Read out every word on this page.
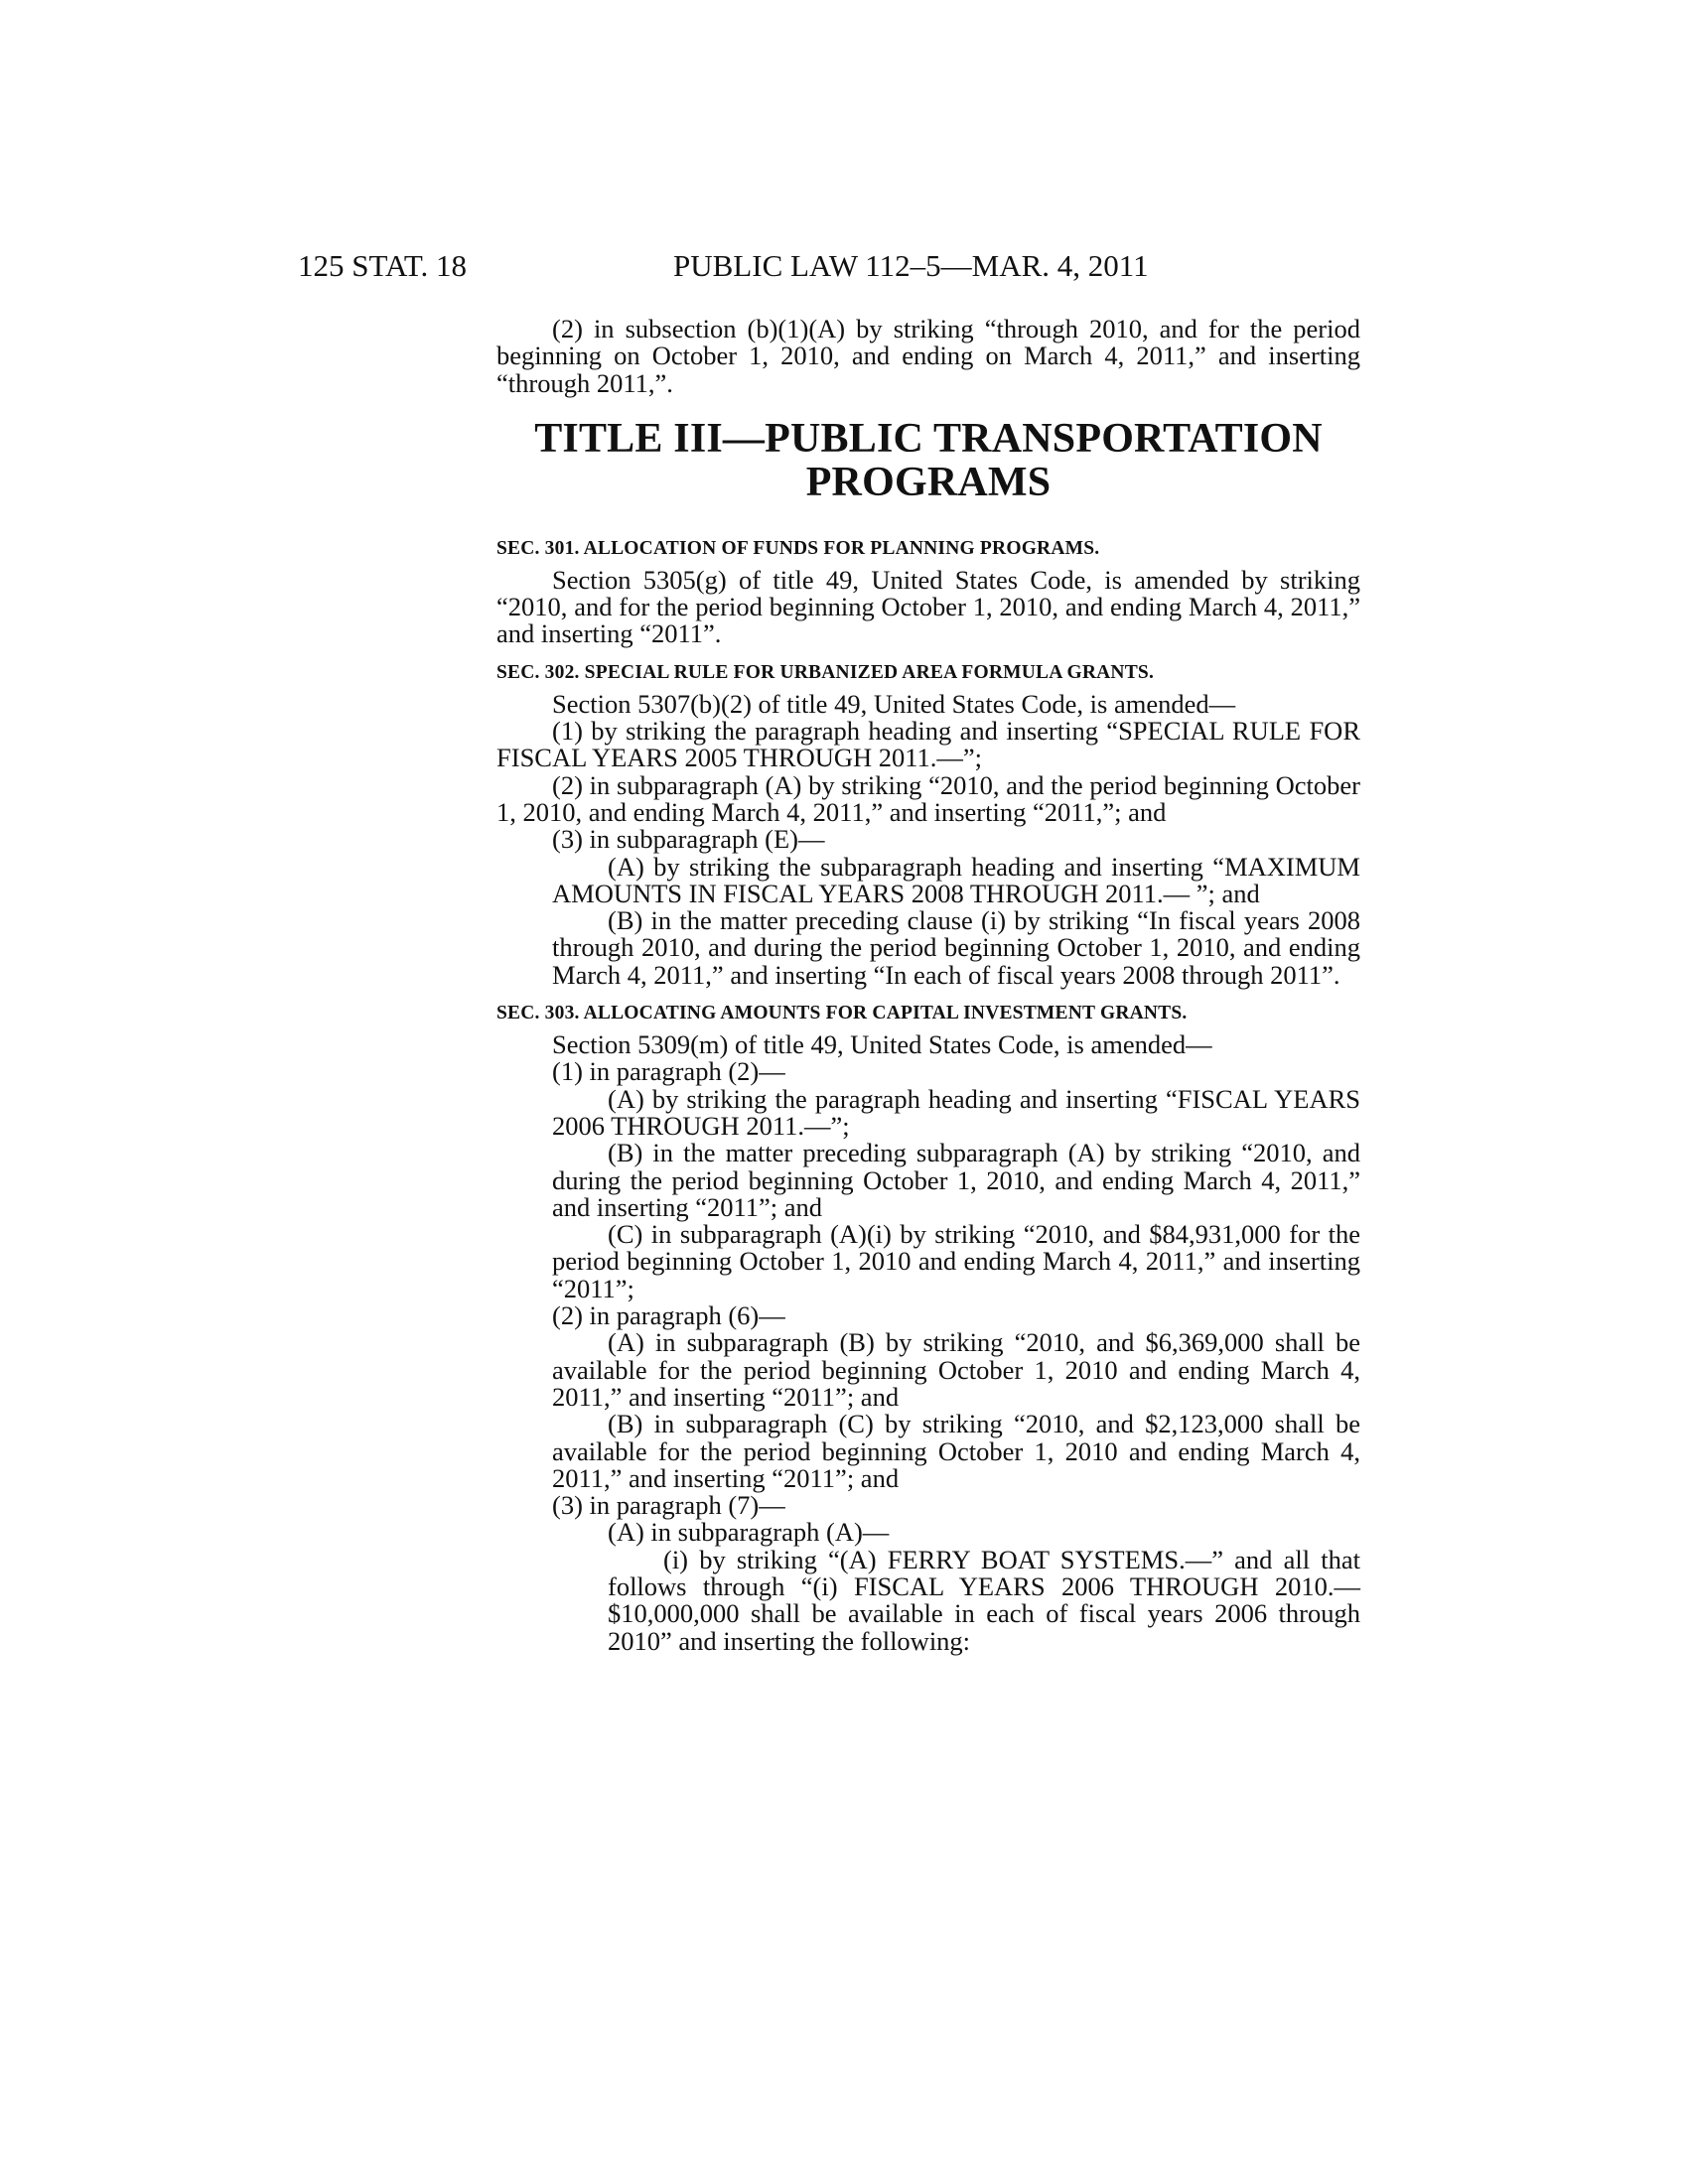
125 STAT. 18	PUBLIC LAW 112–5—MAR. 4, 2011

(2) in subsection (b)(1)(A) by striking “through 2010, and for the period beginning on October 1, 2010, and ending on March 4, 2011,” and inserting “through 2011,”.

TITLE III—PUBLIC TRANSPORTATION PROGRAMS
SEC. 301. ALLOCATION OF FUNDS FOR PLANNING PROGRAMS.

Section 5305(g) of title 49, United States Code, is amended by striking “2010, and for the period beginning October 1, 2010, and ending March 4, 2011,” and inserting “2011”.

SEC. 302. SPECIAL RULE FOR URBANIZED AREA FORMULA GRANTS.

Section 5307(b)(2) of title 49, United States Code, is amended—

(1) by striking the paragraph heading and inserting “SPECIAL RULE FOR FISCAL YEARS 2005 THROUGH 2011.—”;

(2) in subparagraph (A) by striking “2010, and the period beginning October 1, 2010, and ending March 4, 2011,” and inserting “2011,”; and

(3) in subparagraph (E)—

(A) by striking the subparagraph heading and inserting “MAXIMUM AMOUNTS IN FISCAL YEARS 2008 THROUGH 2011.— ”; and

(B) in the matter preceding clause (i) by striking “In fiscal years 2008 through 2010, and during the period beginning October 1, 2010, and ending March 4, 2011,” and inserting “In each of fiscal years 2008 through 2011”.

SEC. 303. ALLOCATING AMOUNTS FOR CAPITAL INVESTMENT GRANTS.

Section 5309(m) of title 49, United States Code, is amended—

(1) in paragraph (2)—

(A) by striking the paragraph heading and inserting “FISCAL YEARS 2006 THROUGH 2011.—”;

(B) in the matter preceding subparagraph (A) by striking “2010, and during the period beginning October 1, 2010, and ending March 4, 2011,” and inserting “2011”; and

(C) in subparagraph (A)(i) by striking “2010, and $84,931,000 for the period beginning October 1, 2010 and ending March 4, 2011,” and inserting “2011”;

(2) in paragraph (6)—

(A) in subparagraph (B) by striking “2010, and $6,369,000 shall be available for the period beginning October 1, 2010 and ending March 4, 2011,” and inserting “2011”; and

(B) in subparagraph (C) by striking “2010, and $2,123,000 shall be available for the period beginning October 1, 2010 and ending March 4, 2011,” and inserting “2011”; and

(3) in paragraph (7)—

(A) in subparagraph (A)—

(i) by striking “(A) FERRY BOAT SYSTEMS.—” and all that follows through “(i) FISCAL YEARS 2006 THROUGH 2010.—$10,000,000 shall be available in each of fiscal years 2006 through 2010” and inserting the following:
